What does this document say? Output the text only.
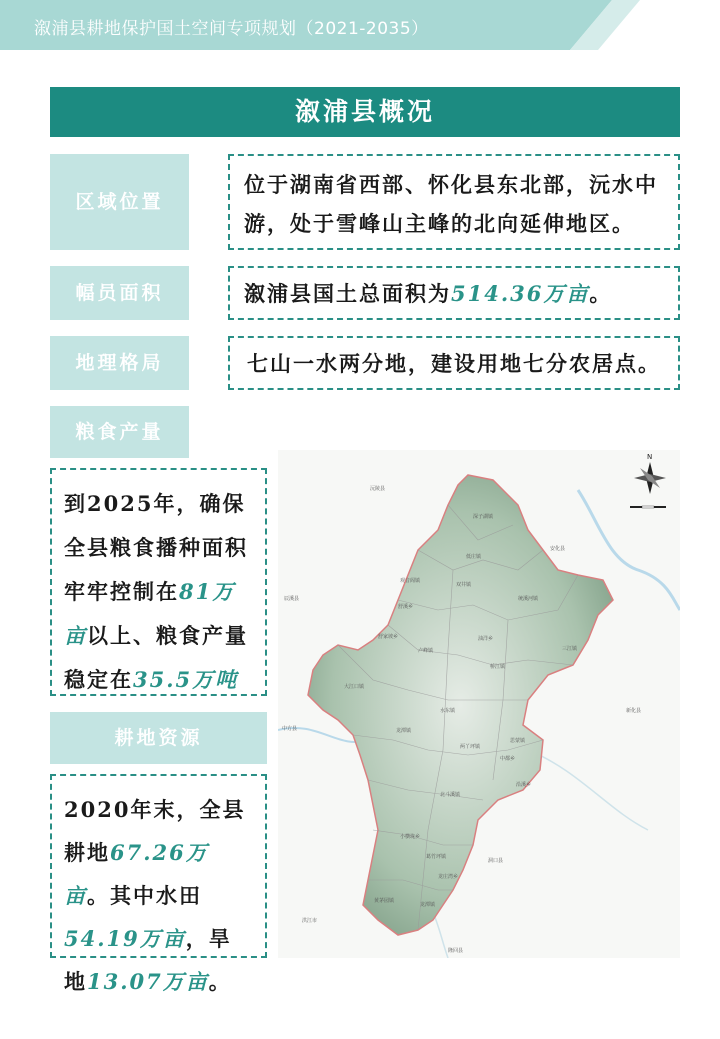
溆浦县耕地保护国土空间专项规划（2021-2035）
溆浦县概况
区域位置
位于湖南省西部、怀化县东北部，沅水中游，处于雪峰山主峰的北向延伸地区。
幅员面积	溆浦县国土总面积为514.36万亩。
地理格局	七山一水两分地，建设用地七分农居点。
粮食产量
到2025年，确保全县粮食播种面积牢牢控制在81万亩以上、粮食产量稳定在35.5万吨
耕地资源
2020年末，全县耕地67.26万亩。其中水田54.19万亩，旱地13.07万亩。
深子湖镇
低庄镇
观音阁镇
双井镇
统溪河镇
舒溪乡
舒家坡乡
卢峰镇
大江口镇
桥江镇
油洋乡
三江镇
水东镇
龙潭镇
两丫坪镇
思蒙镇
中都乡
沿溪乡
北斗溪镇
小横垅乡
葛竹坪镇
龙庄湾乡
黄茅园镇
龙潭镇
沅陵县
安化县
新化县
洞口县
洪江市
中方县
辰溪县
隆回县
N
